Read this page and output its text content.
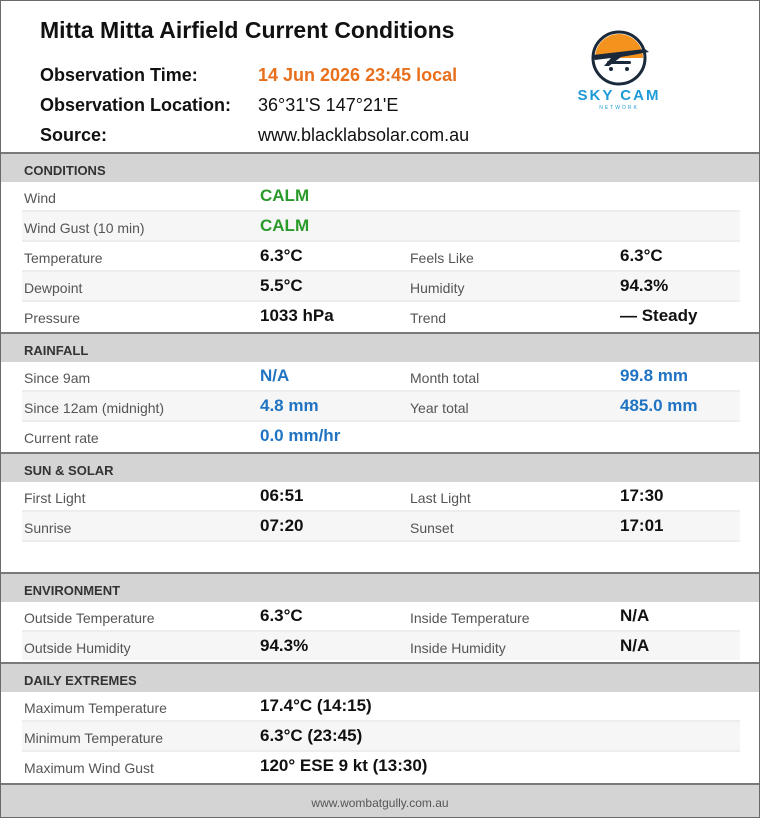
Mitta Mitta Airfield Current Conditions
Observation Time:	14 Jun 2026 23:45 local
Observation Location: 36°31'S 147°21'E
Source:	www.blacklabsolar.com.au
SKY CAM
NETWORK
CONDITIONS
Wind	CALM
Wind Gust (10 min)	CALM
Temperature	6.3°C	Feels Like	6.3°C
Dewpoint	5.5°C	Humidity	94.3%
Pressure	1033 hPa	Trend	— Steady
RAINFALL
Since 9am	N/A	Month total	99.8 mm
Since 12am (midnight)	4.8 mm	Year total	485.0 mm
Current rate	0.0 mm/hr
SUN & SOLAR
First Light	06:51	Last Light	17:30
Sunrise	07:20	Sunset	17:01
ENVIRONMENT
Outside Temperature	6.3°C	Inside Temperature	N/A
Outside Humidity	94.3%	Inside Humidity	N/A
DAILY EXTREMES
Maximum Temperature	17.4°C (14:15)
Minimum Temperature	6.3°C (23:45)
Maximum Wind Gust	120° ESE 9 kt (13:30)
www.wombatgully.com.au
